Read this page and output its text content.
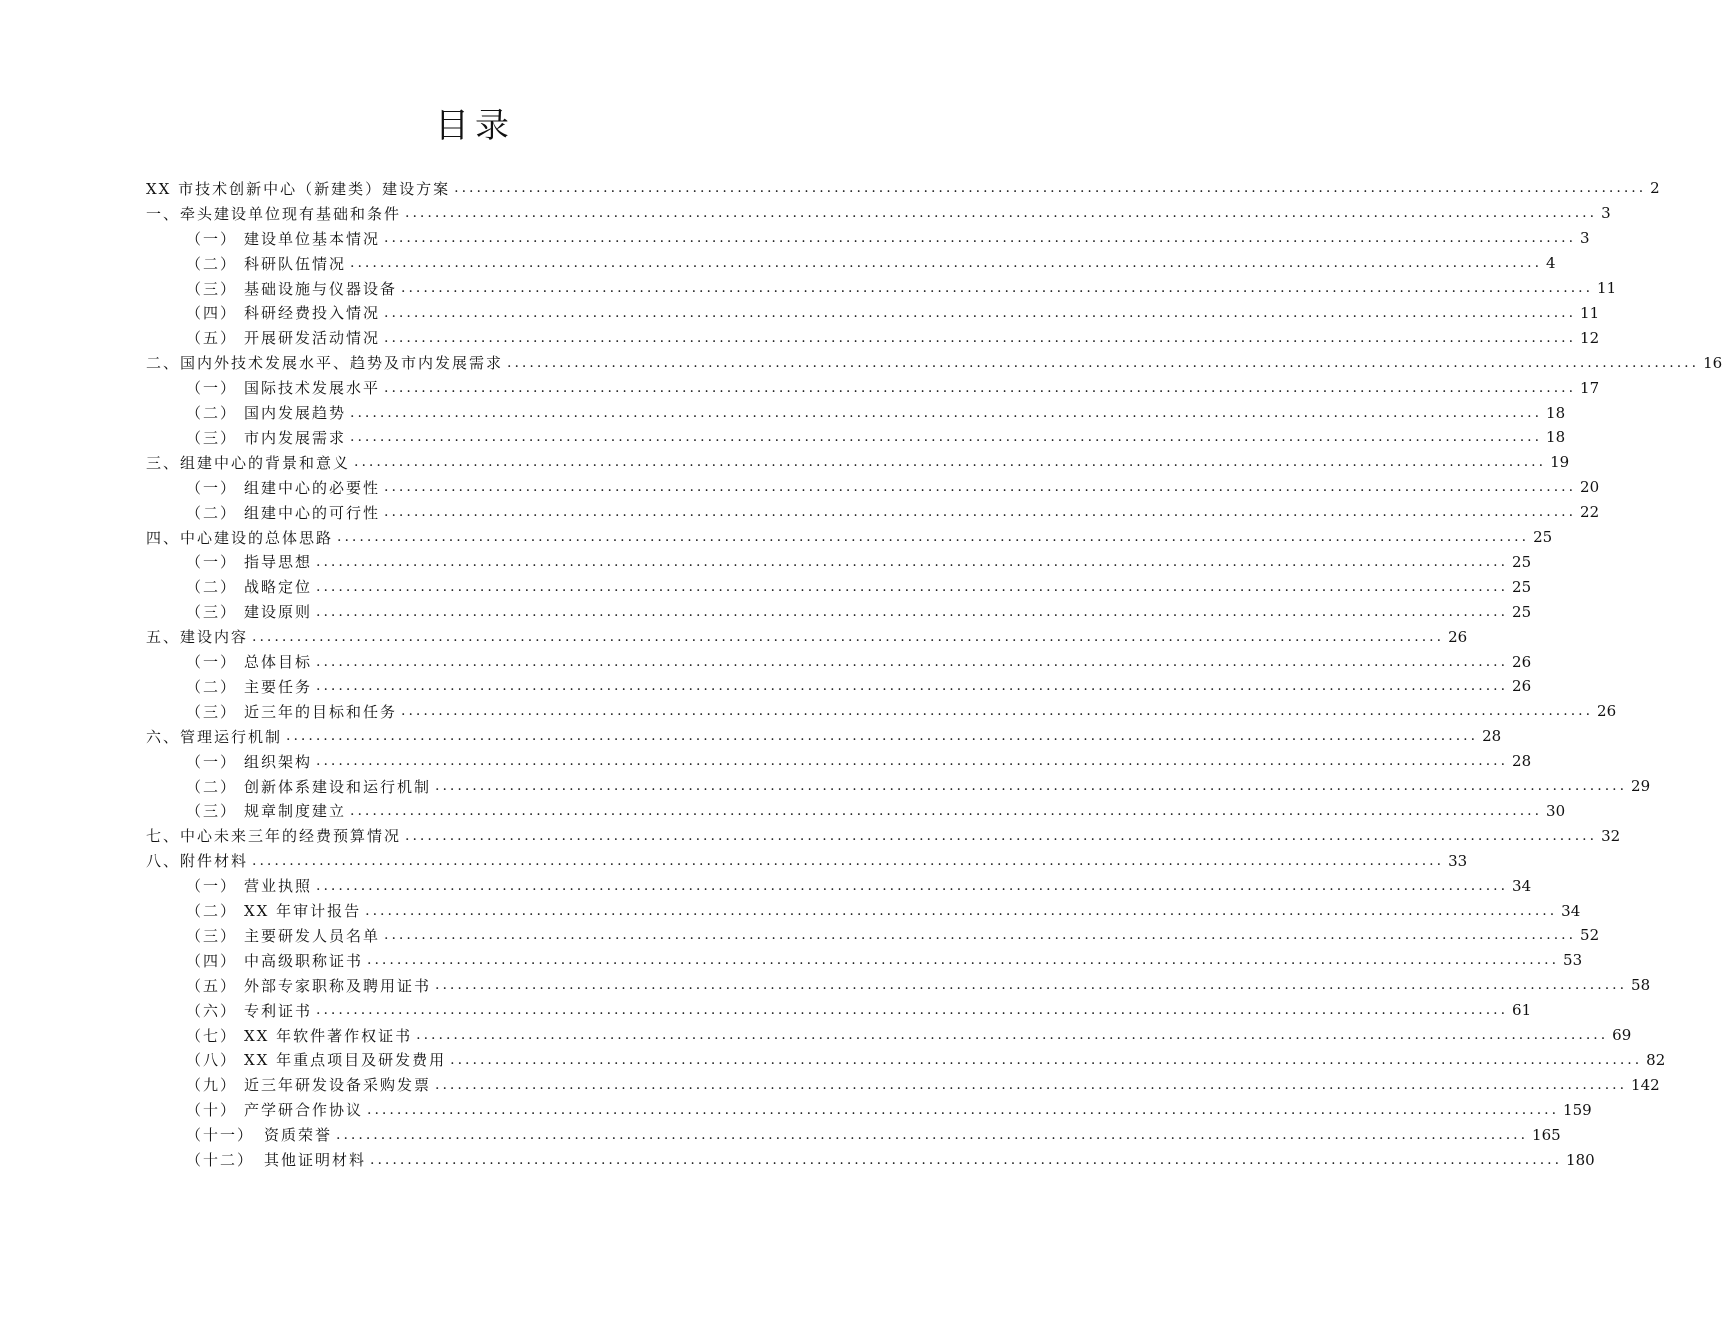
目录
XX 市技术创新中心（新建类）建设方案 ................................................................................................................................................................ 2
一、 牵头建设单位现有基础和条件 ................................................................................................................................................................ 3
（一） 建设单位基本情况 ................................................................................................................................................................ 3
（二） 科研队伍情况 ................................................................................................................................................................ 4
（三） 基础设施与仪器设备 ................................................................................................................................................................ 11
（四） 科研经费投入情况 ................................................................................................................................................................ 11
（五） 开展研发活动情况 ................................................................................................................................................................ 12
二、 国内外技术发展水平、趋势及市内发展需求 ................................................................................................................................................................ 16
（一） 国际技术发展水平 ................................................................................................................................................................ 17
（二） 国内发展趋势 ................................................................................................................................................................ 18
（三） 市内发展需求 ................................................................................................................................................................ 18
三、 组建中心的背景和意义 ................................................................................................................................................................ 19
（一） 组建中心的必要性 ................................................................................................................................................................ 20
（二） 组建中心的可行性 ................................................................................................................................................................ 22
四、 中心建设的总体思路 ................................................................................................................................................................ 25
（一） 指导思想 ................................................................................................................................................................ 25
（二） 战略定位 ................................................................................................................................................................ 25
（三） 建设原则 ................................................................................................................................................................ 25
五、 建设内容 ................................................................................................................................................................ 26
（一） 总体目标 ................................................................................................................................................................ 26
（二） 主要任务 ................................................................................................................................................................ 26
（三） 近三年的目标和任务 ................................................................................................................................................................ 26
六、 管理运行机制 ................................................................................................................................................................ 28
（一） 组织架构 ................................................................................................................................................................ 28
（二） 创新体系建设和运行机制 ................................................................................................................................................................ 29
（三） 规章制度建立 ................................................................................................................................................................ 30
七、 中心未来三年的经费预算情况 ................................................................................................................................................................ 32
八、 附件材料 ................................................................................................................................................................ 33
（一） 营业执照 ................................................................................................................................................................ 34
（二） XX 年审计报告 ................................................................................................................................................................ 34
（三） 主要研发人员名单 ................................................................................................................................................................ 52
（四） 中高级职称证书 ................................................................................................................................................................ 53
（五） 外部专家职称及聘用证书 ................................................................................................................................................................ 58
（六） 专利证书 ................................................................................................................................................................ 61
（七） XX 年软件著作权证书 ................................................................................................................................................................ 69
（八） XX 年重点项目及研发费用 ................................................................................................................................................................ 82
（九） 近三年研发设备采购发票 ................................................................................................................................................................ 142
（十） 产学研合作协议 ................................................................................................................................................................ 159
（十一） 资质荣誉 ................................................................................................................................................................ 165
（十二） 其他证明材料 ................................................................................................................................................................ 180
